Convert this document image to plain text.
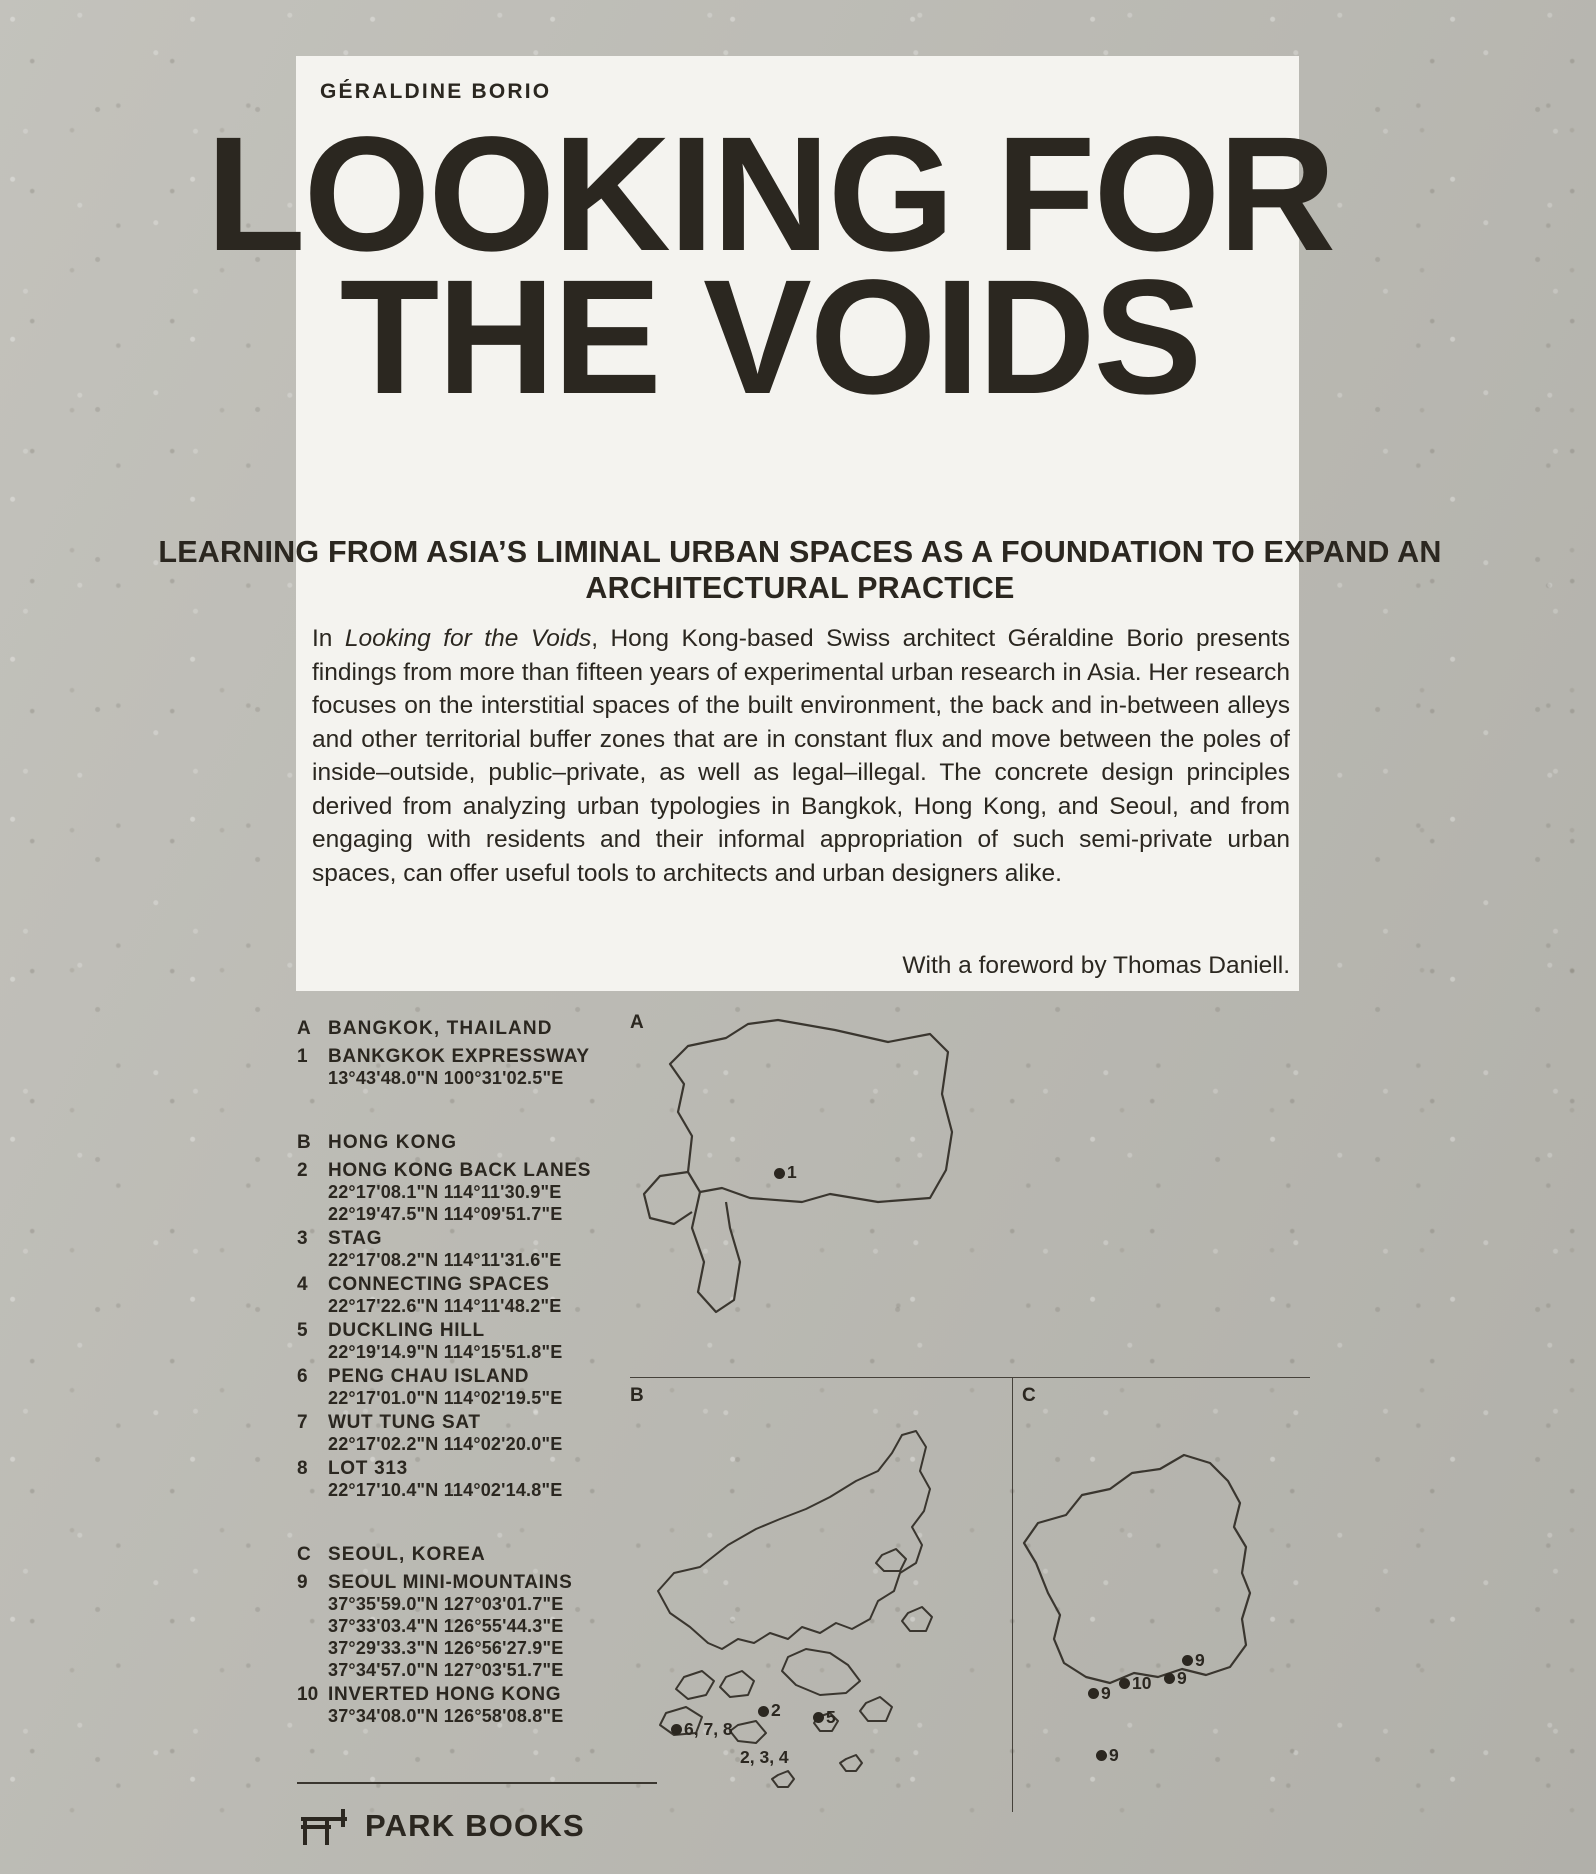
GÉRALDINE BORIO
LOOKING FOR
THE VOIDS
LEARNING FROM ASIA’S LIMINAL URBAN SPACES AS A FOUNDATION TO EXPAND AN ARCHITECTURAL PRACTICE

In Looking for the Voids, Hong Kong-based Swiss architect Géraldine Borio presents findings from more than fifteen years of experimental urban research in Asia. Her research focuses on the interstitial spaces of the built environment, the back and in-between alleys and other territorial buffer zones that are in constant flux and move between the poles of inside–outside, public–private, as well as legal–illegal. The concrete design principles derived from analyzing urban typologies in Bangkok, Hong Kong, and Seoul, and from engaging with residents and their informal appropriation of such semi-private urban spaces, can offer useful tools to architects and urban designers alike.

With a foreword by Thomas Daniell.
A BANGKOK, THAILAND
1	BANKGKOK EXPRESSWAY
13°43'48.0"N 100°31'02.5"E
B HONG KONG
2	HONG KONG BACK LANES
22°17'08.1"N 114°11'30.9"E
22°19'47.5"N 114°09'51.7"E
3	STAG
22°17'08.2"N 114°11'31.6"E
4	CONNECTING SPACES
22°17'22.6"N 114°11'48.2"E
5	DUCKLING HILL
22°19'14.9"N 114°15'51.8"E
6	PENG CHAU ISLAND
22°17'01.0"N 114°02'19.5"E
7	WUT TUNG SAT
22°17'02.2"N 114°02'20.0"E
8	LOT 313
22°17'10.4"N 114°02'14.8"E
C SEOUL, KOREA
9	SEOUL MINI-MOUNTAINS
37°35'59.0"N 127°03'01.7"E
37°33'03.4"N 126°55'44.3"E
37°29'33.3"N 126°56'27.9"E
37°34'57.0"N 127°03'51.7"E
10 INVERTED HONG KONG
37°34'08.0"N 126°58'08.8"E
A
B	C
1
6, 7, 8
2	5
2, 3, 4
9
9
10
9
9
PARK BOOKS
